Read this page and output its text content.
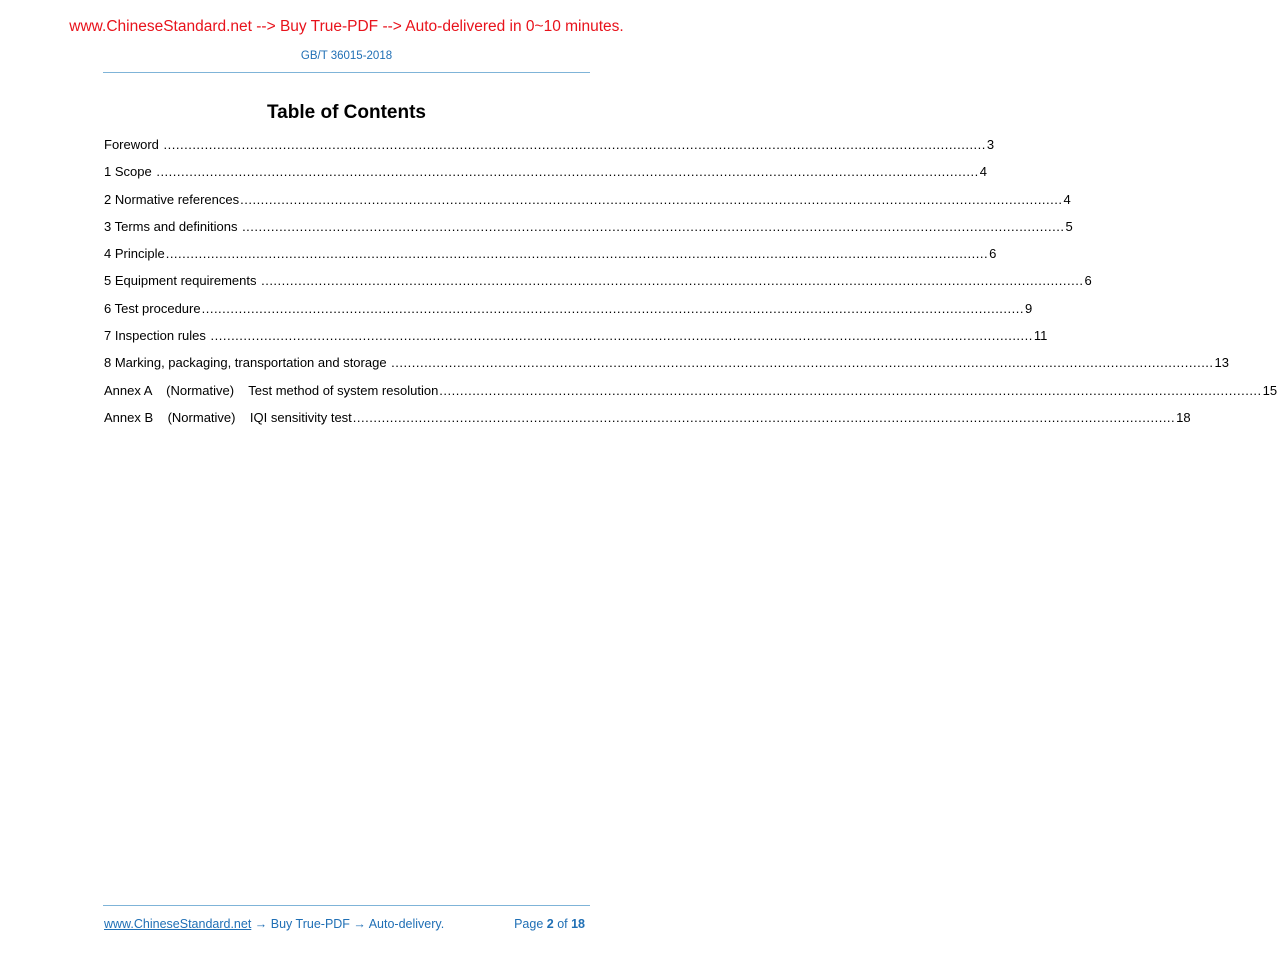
www.ChineseStandard.net --> Buy True-PDF --> Auto-delivered in 0~10 minutes.
GB/T 36015-2018
Table of Contents
Foreword ........................................................................................................................................................................................................ 3
1 Scope ........................................................................................................................................................................................................ 4
2 Normative references ........................................................................................................................................................................................................ 4
3 Terms and definitions ........................................................................................................................................................................................................ 5
4 Principle ........................................................................................................................................................................................................ 6
5 Equipment requirements ........................................................................................................................................................................................................ 6
6 Test procedure ........................................................................................................................................................................................................ 9
7 Inspection rules ........................................................................................................................................................................................................ 11
8 Marking, packaging, transportation and storage ........................................................................................................................................................................................................ 13
Annex A    (Normative)    Test method of system resolution ........................................................................................................................................................................................................ 15
Annex B    (Normative)    IQI sensitivity test ........................................................................................................................................................................................................ 18
www.ChineseStandard.net → Buy True-PDF → Auto-delivery.	Page 2 of 18
